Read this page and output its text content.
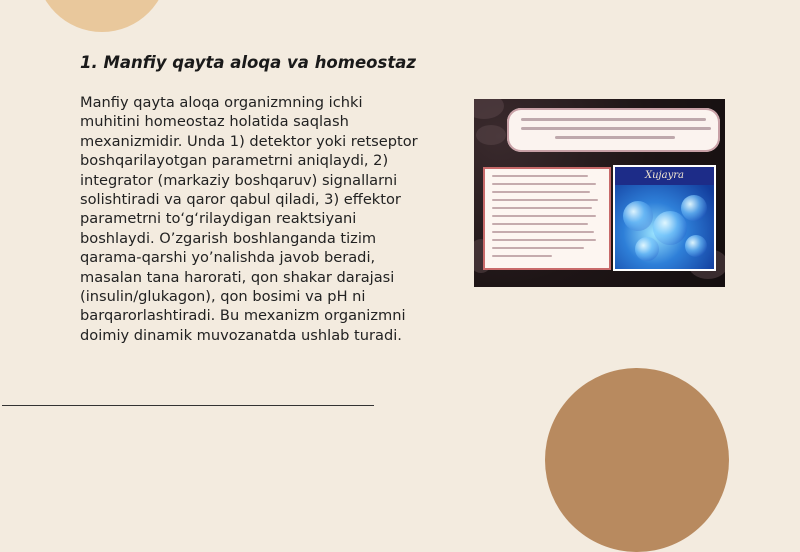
1. Manfiy qayta aloqa va homeostaz

Manfiy qayta aloqa organizmning ichki muhitini homeostaz holatida saqlash mexanizmidir. Unda 1) detektor yoki retseptor boshqarilayotgan parametrni aniqlaydi, 2) integrator (markaziy boshqaruv) signallarni solishtiradi va qaror qabul qiladi, 3) effektor parametrni to‘g‘rilaydigan reaktsiyani boshlaydi. O’zgarish boshlanganda tizim qarama-qarshi yo’nalishda javob beradi, masalan tana harorati, qon shakar darajasi (insulin/glukagon), qon bosimi va pH ni barqarorlashtiradi. Bu mexanizm organizmni doimiy dinamik muvozanatda ushlab turadi.

Xujayra
